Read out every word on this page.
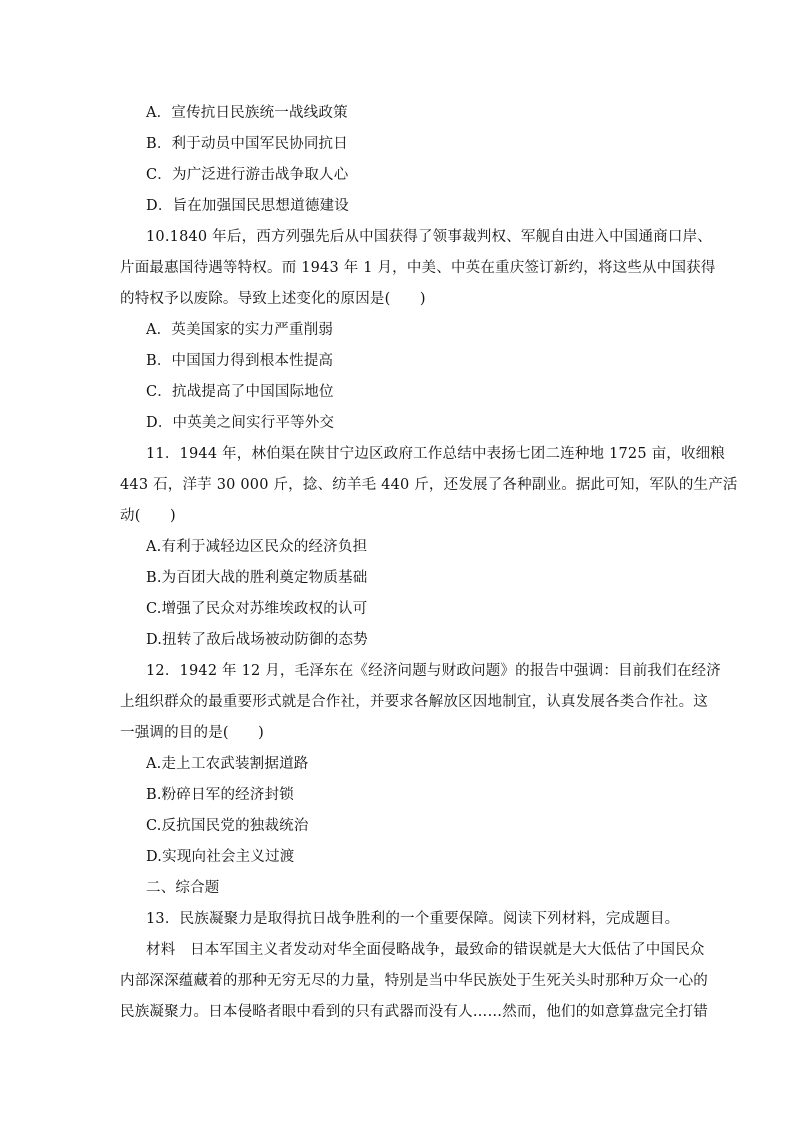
A．宣传抗日民族统一战线政策
B．利于动员中国军民协同抗日
C．为广泛进行游击战争取人心
D．旨在加强国民思想道德建设
10.1840 年后，西方列强先后从中国获得了领事裁判权、军舰自由进入中国通商口岸、
片面最惠国待遇等特权。而 1943 年 1 月，中美、中英在重庆签订新约，将这些从中国获得
的特权予以废除。导致上述变化的原因是(　　)
A．英美国家的实力严重削弱
B．中国国力得到根本性提高
C．抗战提高了中国国际地位
D．中英美之间实行平等外交
11．1944 年，林伯渠在陕甘宁边区政府工作总结中表扬七团二连种地 1725 亩，收细粮
443 石，洋芋 30 000 斤，捻、纺羊毛 440 斤，还发展了各种副业。据此可知，军队的生产活
动(　　)
A.有利于减轻边区民众的经济负担
B.为百团大战的胜利奠定物质基础
C.增强了民众对苏维埃政权的认可
D.扭转了敌后战场被动防御的态势
12．1942 年 12 月，毛泽东在《经济问题与财政问题》的报告中强调：目前我们在经济
上组织群众的最重要形式就是合作社，并要求各解放区因地制宜，认真发展各类合作社。这
一强调的目的是(　　)
A.走上工农武装割据道路
B.粉碎日军的经济封锁
C.反抗国民党的独裁统治
D.实现向社会主义过渡
二、综合题
13．民族凝聚力是取得抗日战争胜利的一个重要保障。阅读下列材料，完成题目。
材料　日本军国主义者发动对华全面侵略战争，最致命的错误就是大大低估了中国民众
内部深深蕴藏着的那种无穷无尽的力量，特别是当中华民族处于生死关头时那种万众一心的
民族凝聚力。日本侵略者眼中看到的只有武器而没有人……然而，他们的如意算盘完全打错
